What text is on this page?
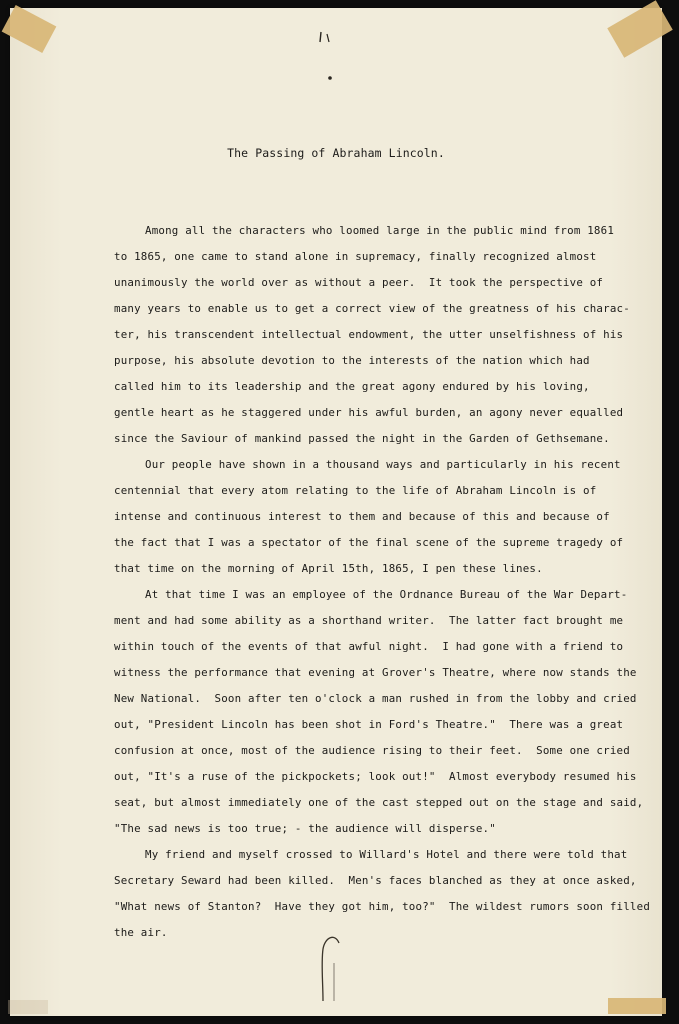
The Passing of Abraham Lincoln.
Among all the characters who loomed large in the public mind from 1861
to 1865, one came to stand alone in supremacy, finally recognized almost
unanimously the world over as without a peer.  It took the perspective of
many years to enable us to get a correct view of the greatness of his charac-
ter, his transcendent intellectual endowment, the utter unselfishness of his
purpose, his absolute devotion to the interests of the nation which had
called him to its leadership and the great agony endured by his loving,
gentle heart as he staggered under his awful burden, an agony never equalled
since the Saviour of mankind passed the night in the Garden of Gethsemane.
Our people have shown in a thousand ways and particularly in his recent
centennial that every atom relating to the life of Abraham Lincoln is of
intense and continuous interest to them and because of this and because of
the fact that I was a spectator of the final scene of the supreme tragedy of
that time on the morning of April 15th, 1865, I pen these lines.
At that time I was an employee of the Ordnance Bureau of the War Depart-
ment and had some ability as a shorthand writer.  The latter fact brought me
within touch of the events of that awful night.  I had gone with a friend to
witness the performance that evening at Grover's Theatre, where now stands the
New National.  Soon after ten o'clock a man rushed in from the lobby and cried
out, "President Lincoln has been shot in Ford's Theatre."  There was a great
confusion at once, most of the audience rising to their feet.  Some one cried
out, "It's a ruse of the pickpockets; look out!"  Almost everybody resumed his
seat, but almost immediately one of the cast stepped out on the stage and said,
"The sad news is too true; - the audience will disperse."
My friend and myself crossed to Willard's Hotel and there were told that
Secretary Seward had been killed.  Men's faces blanched as they at once asked,
"What news of Stanton?  Have they got him, too?"  The wildest rumors soon filled
the air.
